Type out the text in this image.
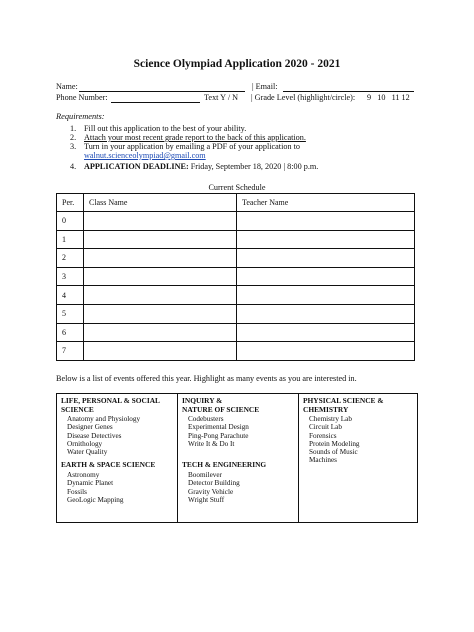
Science Olympiad Application 2020 - 2021
Name:	| Email:
Phone Number:	Text Y / N | Grade Level (highlight/circle): 9   10   11 12
Requirements:
1. Fill out this application to the best of your ability.
2. Attach your most recent grade report to the back of this application.
3. Turn in your application by emailing a PDF of your application to
walnut.scienceolympiad@gmail.com
4. APPLICATION DEADLINE: Friday, September 18, 2020 | 8:00 p.m.
Current Schedule
Per.	Class Name	Teacher Name
0		
1		
2		
3		
4		
5		
6		
7		
Below is a list of events offered this year. Highlight as many events as you are interested in.
LIFE, PERSONAL & SOCIAL
SCIENCE
Anatomy and Physiology
Designer Genes
Disease Detectives
Ornithology
Water Quality
EARTH & SPACE SCIENCE
Astronomy
Dynamic Planet
Fossils
GeoLogic Mapping
INQUIRY &
NATURE OF SCIENCE
Codebusters
Experimental Design
Ping-Pong Parachute
Write It & Do It
TECH & ENGINEERING
Boomilever
Detector Building
Gravity Vehicle
Wright Stuff
PHYSICAL SCIENCE &
CHEMISTRY
Chemistry Lab
Circuit Lab
Forensics
Protein Modeling
Sounds of Music
Machines
